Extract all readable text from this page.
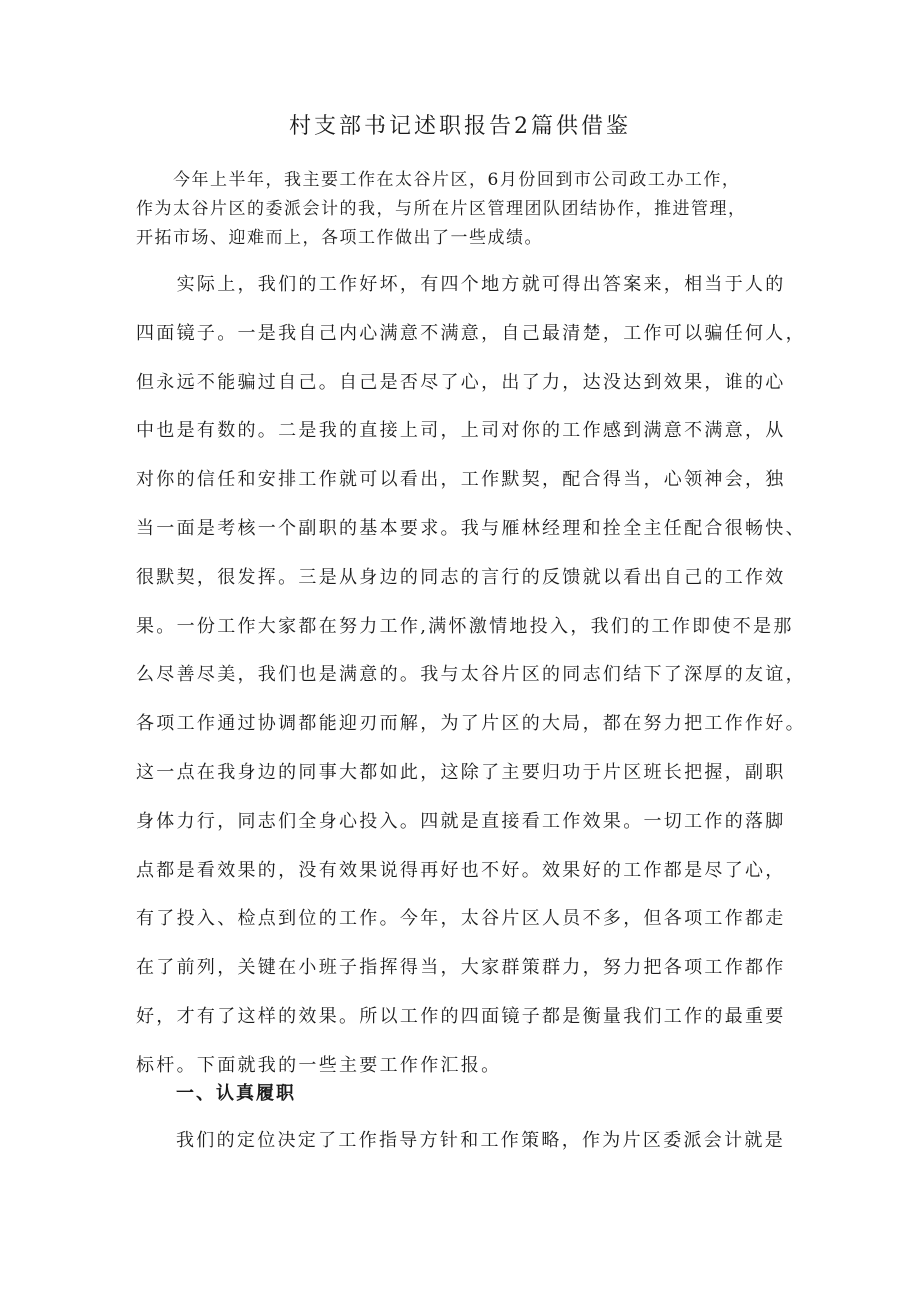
村支部书记述职报告2篇供借鉴

　　今年上半年，我主要工作在太谷片区，6月份回到市公司政工办工作，
作为太谷片区的委派会计的我，与所在片区管理团队团结协作，推进管理，
开拓市场、迎难而上，各项工作做出了一些成绩。

　　实际上，我们的工作好坏，有四个地方就可得出答案来，相当于人的
四面镜子。一是我自己内心满意不满意，自己最清楚，工作可以骗任何人，
但永远不能骗过自己。自己是否尽了心，出了力，达没达到效果，谁的心
中也是有数的。二是我的直接上司，上司对你的工作感到满意不满意，从
对你的信任和安排工作就可以看出，工作默契，配合得当，心领神会，独
当一面是考核一个副职的基本要求。我与雁林经理和拴全主任配合很畅快、
很默契，很发挥。三是从身边的同志的言行的反馈就以看出自己的工作效
果。一份工作大家都在努力工作,满怀激情地投入，我们的工作即使不是那
么尽善尽美，我们也是满意的。我与太谷片区的同志们结下了深厚的友谊，
各项工作通过协调都能迎刃而解，为了片区的大局，都在努力把工作作好。
这一点在我身边的同事大都如此，这除了主要归功于片区班长把握，副职
身体力行，同志们全身心投入。四就是直接看工作效果。一切工作的落脚
点都是看效果的，没有效果说得再好也不好。效果好的工作都是尽了心，
有了投入、检点到位的工作。今年，太谷片区人员不多，但各项工作都走
在了前列，关键在小班子指挥得当，大家群策群力，努力把各项工作都作
好，才有了这样的效果。所以工作的四面镜子都是衡量我们工作的最重要
标杆。下面就我的一些主要工作作汇报。

一、认真履职
我们的定位决定了工作指导方针和工作策略，作为片区委派会计就是
